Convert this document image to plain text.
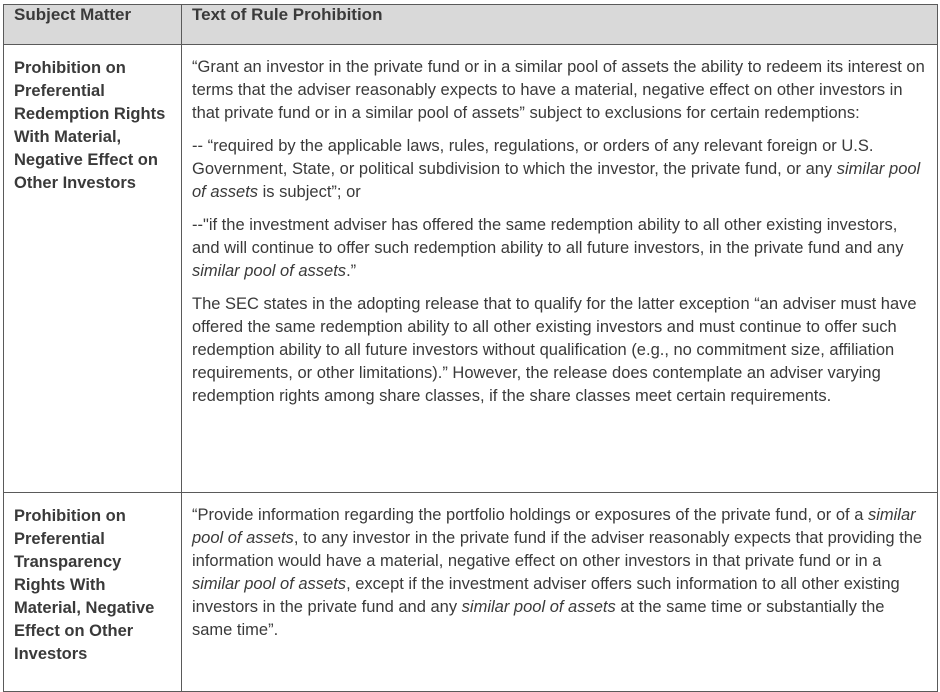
Subject Matter	Text of Rule Prohibition
Prohibition on Preferential Redemption Rights With Material, Negative Effect on Other Investors	“Grant an investor in the private fund or in a similar pool of assets the ability to redeem its interest on terms that the adviser reasonably expects to have a material, negative effect on other investors in that private fund or in a similar pool of assets” subject to exclusions for certain redemptions:

-- “required by the applicable laws, rules, regulations, or orders of any relevant foreign or U.S. Government, State, or political subdivision to which the investor, the private fund, or any similar pool of assets is subject”; or

--"if the investment adviser has offered the same redemption ability to all other existing investors, and will continue to offer such redemption ability to all future investors, in the private fund and any similar pool of assets.”

The SEC states in the adopting release that to qualify for the latter exception “an adviser must have offered the same redemption ability to all other existing investors and must continue to offer such redemption ability to all future investors without qualification (e.g., no commitment size, affiliation requirements, or other limitations).” However, the release does contemplate an adviser varying redemption rights among share classes, if the share classes meet certain requirements.

Prohibition on Preferential Transparency Rights With Material, Negative Effect on Other Investors	“Provide information regarding the portfolio holdings or exposures of the private fund, or of a similar pool of assets, to any investor in the private fund if the adviser reasonably expects that providing the information would have a material, negative effect on other investors in that private fund or in a similar pool of assets, except if the investment adviser offers such information to all other existing investors in the private fund and any similar pool of assets at the same time or substantially the same time”.
